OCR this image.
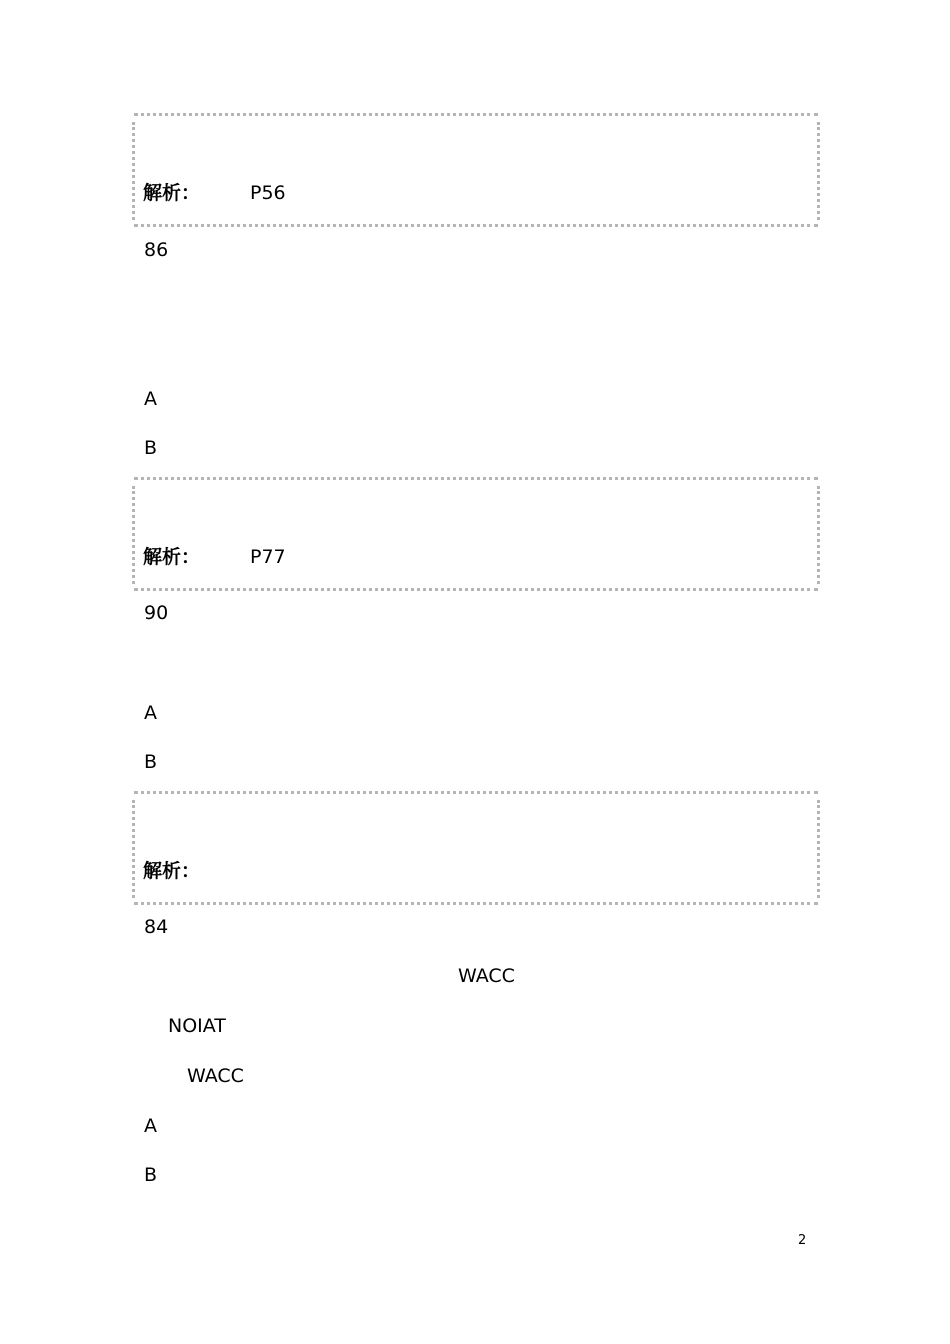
解析：	P56
86
A
B
解析：	P77
90
A
B
解析：
84
WACC
NOIAT
WACC
A
B
2
